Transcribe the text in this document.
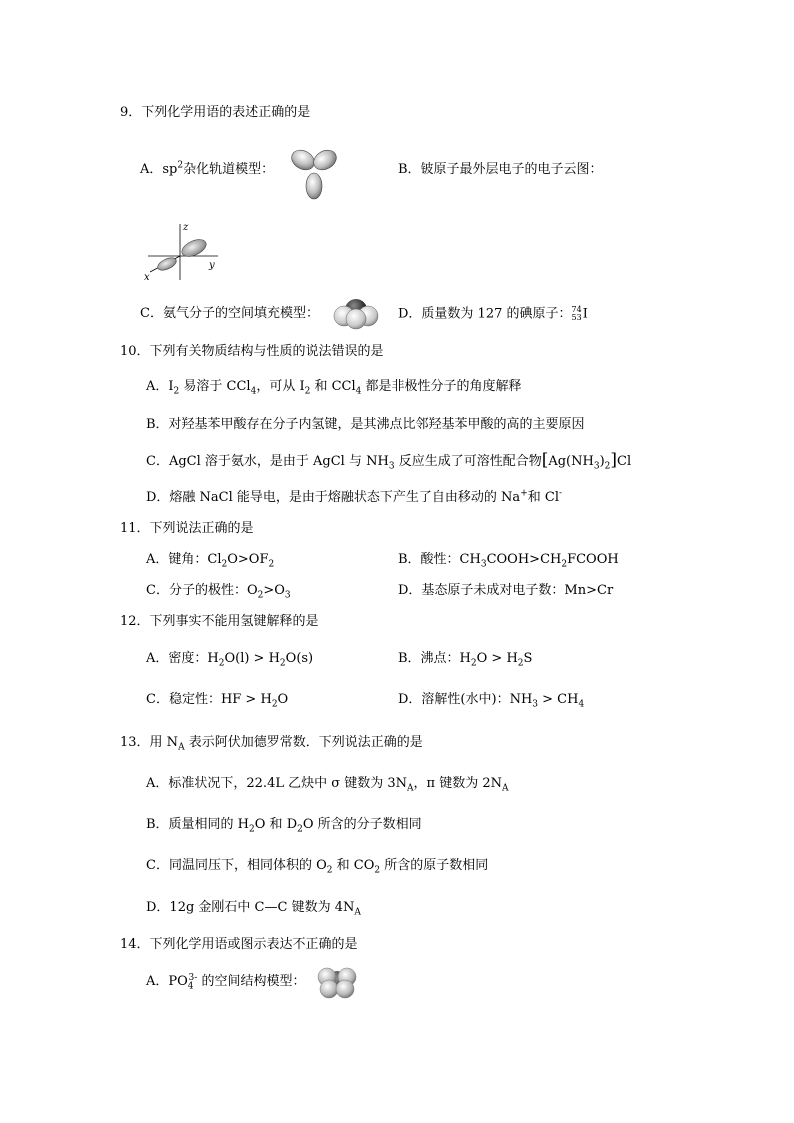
9．下列化学用语的表述正确的是
A．$sp^2$杂化轨道模型：	B．铍原子最外层电子的电子云图：
z
y
x
C．氨气分子的空间填充模型：	D．质量数为 127 的碘原子： 74
53 I
10．下列有关物质结构与性质的说法错误的是
A．$I_2$ 易溶于 CCl$_4$，可从 $I_2$ 和 CCl$_4$ 都是非极性分子的角度解释
B．对羟基苯甲酸存在分子内氢键，是其沸点比邻羟基苯甲酸的高的主要原因
C．AgCl 溶于氨水，是由于 AgCl 与 $NH_3$ 反应生成了可溶性配合物$[Ag(NH_3)_2]Cl$
D．熔融 NaCl 能导电，是由于熔融状态下产生了自由移动的 Na+和 Cl-
11．下列说法正确的是
A．键角：$Cl_2O>OF_2$	B．酸性：$CH_3COOH>CH_2FCOOH$
C．分子的极性：$O_2>O_3$	D．基态原子未成对电子数：Mn>Cr
12．下列事实不能用氢键解释的是
A．密度：$H_2O(l) > H_2O(s)$	B．沸点：$H_2O > H_2S$
C．稳定性：HF > $H_2O$	D．溶解性(水中)：$NH_3 > CH_4$
13．用 $N_A$ 表示阿伏加德罗常数．下列说法正确的是
A．标准状况下，22.4L 乙炔中 σ 键数为 $3N_A$，π 键数为 $2N_A$
B．质量相同的 $H_2O$ 和 $D_2O$ 所含的分子数相同
C．同温同压下，相同体积的 $O_2$ 和 $CO_2$ 所含的原子数相同
D．12g 金刚石中 C—C 键数为 $4N_A$
14．下列化学用语或图示表达不正确的是
A．$PO_4^{3-}$ 的空间结构模型：
